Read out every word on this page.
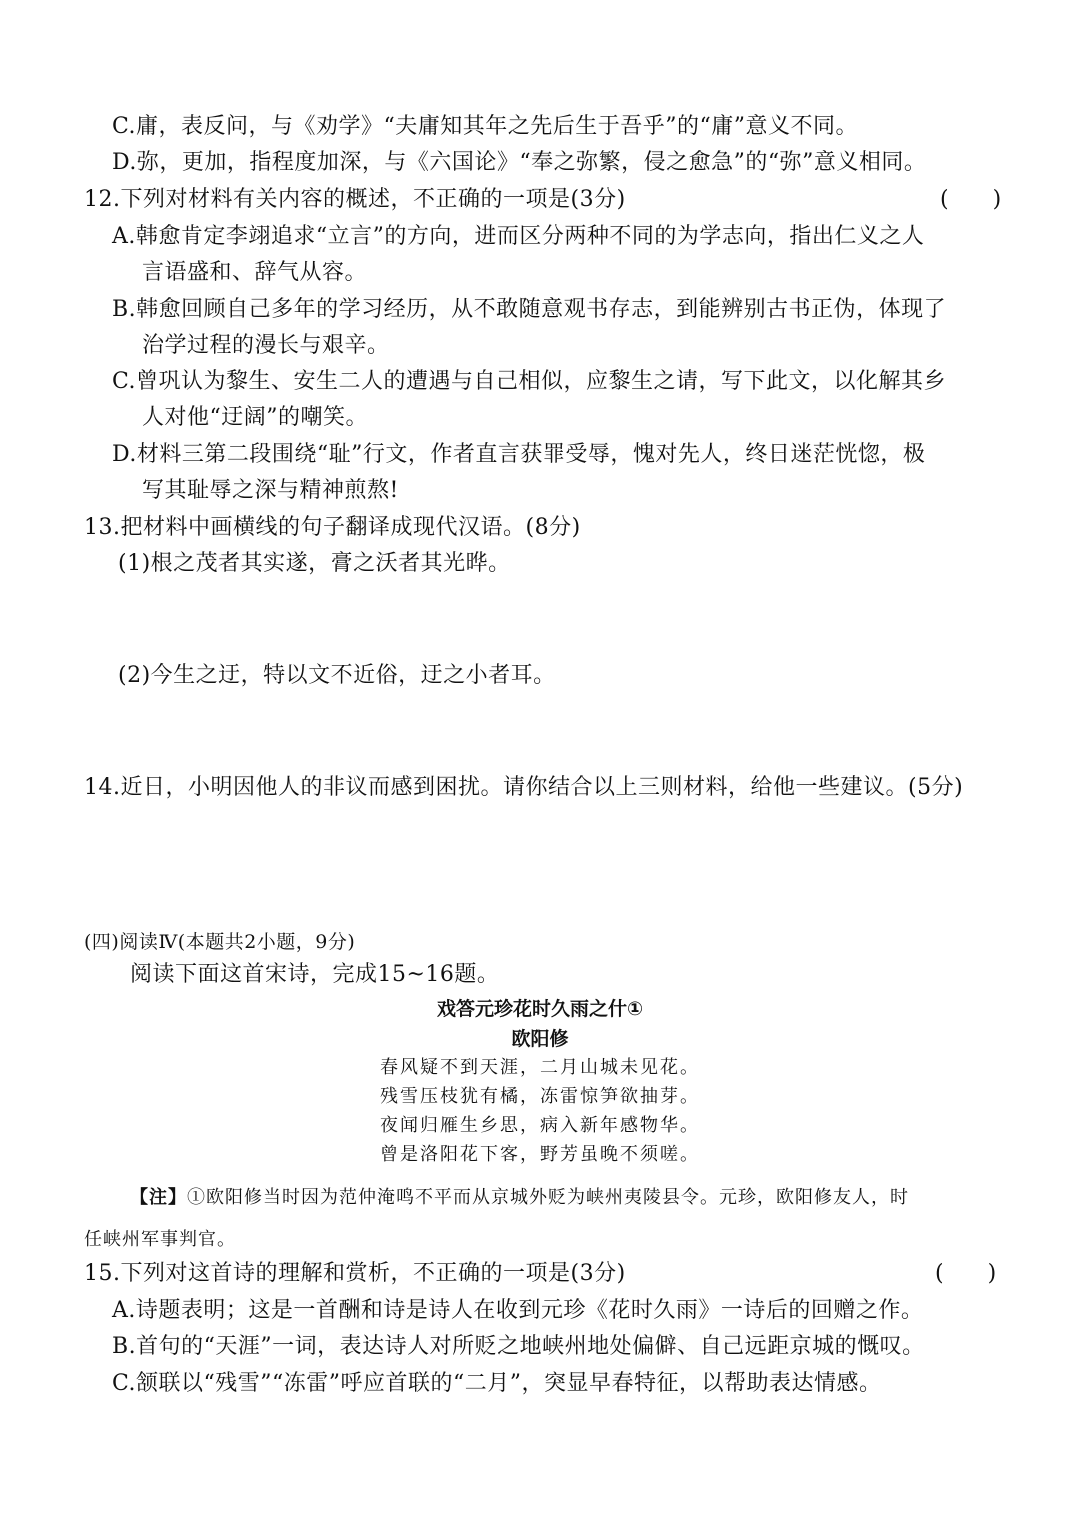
C.庸，表反问，与《劝学》“夫庸知其年之先后生于吾乎”的“庸”意义不同。
D.弥，更加，指程度加深，与《六国论》“奉之弥繁，侵之愈急”的“弥”意义相同。
12.下列对材料有关内容的概述，不正确的一项是(3分)	(　　)
A.韩愈肯定李翊追求“立言”的方向，进而区分两种不同的为学志向，指出仁义之人
言语盛和、辞气从容。
B.韩愈回顾自己多年的学习经历，从不敢随意观书存志，到能辨别古书正伪，体现了
治学过程的漫长与艰辛。
C.曾巩认为黎生、安生二人的遭遇与自己相似，应黎生之请，写下此文，以化解其乡
人对他“迂阔”的嘲笑。
D.材料三第二段围绕“耻”行文，作者直言获罪受辱，愧对先人，终日迷茫恍惚，极
写其耻辱之深与精神煎熬!
13.把材料中画横线的句子翻译成现代汉语。(8分)
(1)根之茂者其实遂，膏之沃者其光晔。
(2)今生之迂，特以文不近俗，迂之小者耳。
14.近日，小明因他人的非议而感到困扰。请你结合以上三则材料，给他一些建议。(5分)
(四)阅读Ⅳ(本题共2小题，9分)
阅读下面这首宋诗，完成15~16题。
戏答元珍花时久雨之什①
欧阳修
春风疑不到天涯，二月山城未见花。
残雪压枝犹有橘，冻雷惊笋欲抽芽。
夜闻归雁生乡思，病入新年感物华。
曾是洛阳花下客，野芳虽晚不须嗟。
【注】①欧阳修当时因为范仲淹鸣不平而从京城外贬为峡州夷陵县令。元珍，欧阳修友人，时
任峡州军事判官。
15.下列对这首诗的理解和赏析，不正确的一项是(3分)	(　　)
A.诗题表明；这是一首酬和诗是诗人在收到元珍《花时久雨》一诗后的回赠之作。
B.首句的“天涯”一词，表达诗人对所贬之地峡州地处偏僻、自己远距京城的慨叹。
C.颔联以“残雪”“冻雷”呼应首联的“二月”，突显早春特征，以帮助表达情感。
